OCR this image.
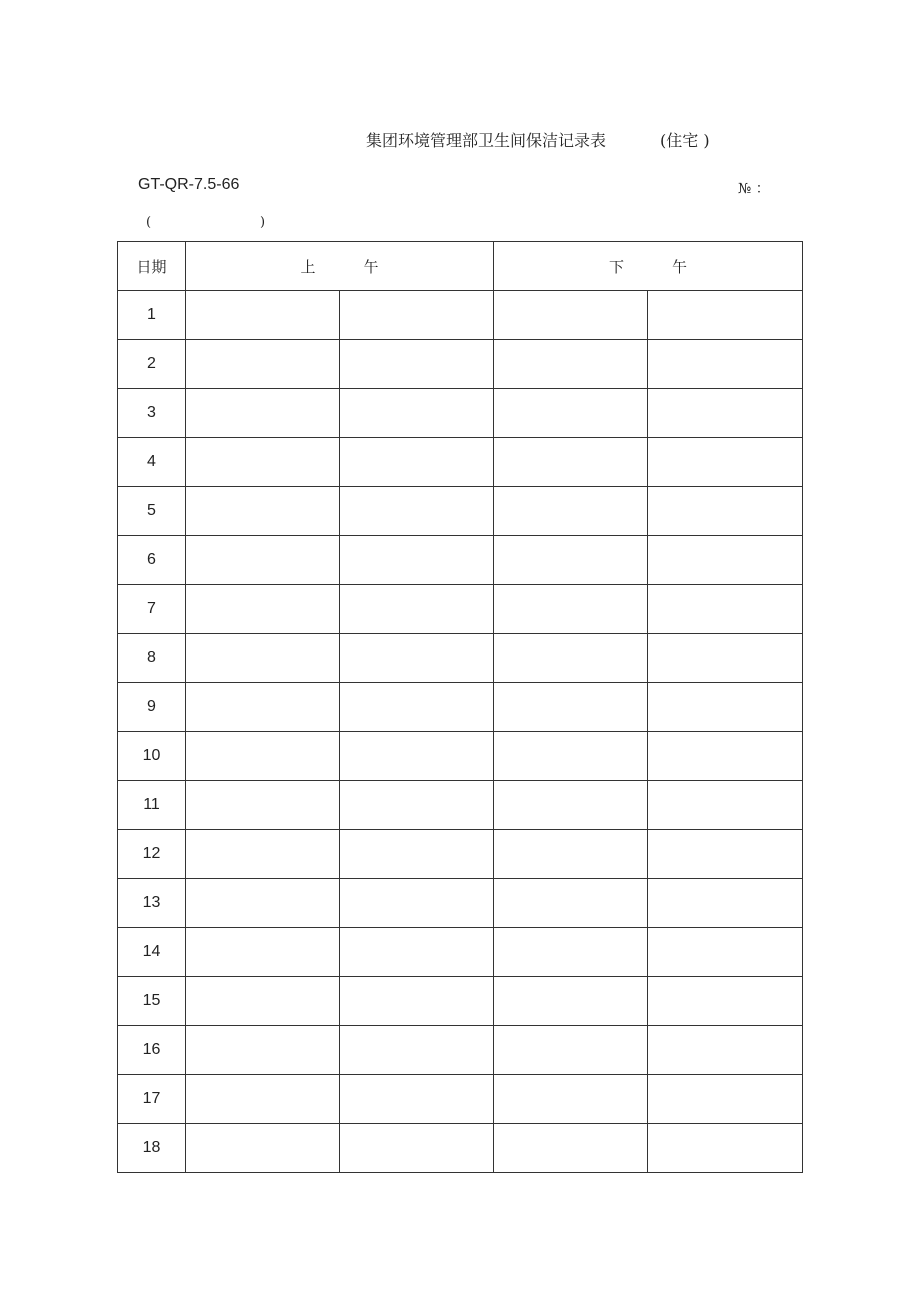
集团环境管理部卫生间保洁记录表	(住宅 )
GT-QR-7.5-66	№ ：
(	)
日期	上午		下午	
1				
2				
3				
4				
5				
6				
7				
8				
9				
10				
11				
12				
13				
14				
15				
16				
17				
18				
